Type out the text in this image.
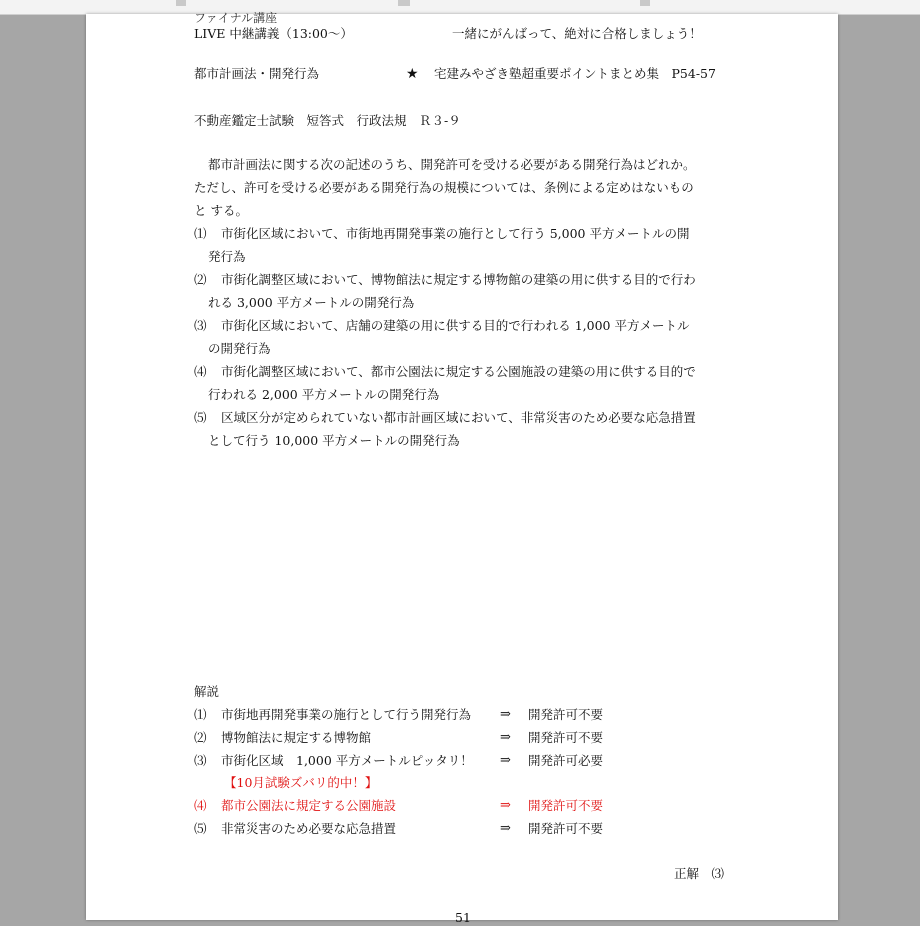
ファイナル講座
LIVE 中継講義（13:00〜）	一緒にがんばって、絶対に合格しましょう！
都市計画法・開発行為	★ 宅建みやざき塾超重要ポイントまとめ集　P54-57
不動産鑑定士試験　短答式　行政法規　Ｒ３-９
都市計画法に関する次の記述のうち、開発許可を受ける必要がある開発行為はどれか。
ただし、許可を受ける必要がある開発行為の規模については、条例による定めはないもの
と する。
⑴ 市街化区域において、市街地再開発事業の施行として行う 5,000 平方メートルの開
発行為
⑵ 市街化調整区域において、博物館法に規定する博物館の建築の用に供する目的で行わ
れる 3,000 平方メートルの開発行為
⑶ 市街化区域において、店舗の建築の用に供する目的で行われる 1,000 平方メートル
の開発行為
⑷ 市街化調整区域において、都市公園法に規定する公園施設の建築の用に供する目的で
行われる 2,000 平方メートルの開発行為
⑸ 区域区分が定められていない都市計画区域において、非常災害のため必要な応急措置
として行う 10,000 平方メートルの開発行為
解説
⑴ 市街地再開発事業の施行として行う開発行為 ⇒ 開発許可不要
⑵ 博物館法に規定する博物館	⇒ 開発許可不要
⑶ 市街化区域　1,000 平方メートルピッタリ！ ⇒ 開発許可必要
【10月試験ズバリ的中！】
⑷ 都市公園法に規定する公園施設	⇒ 開発許可不要
⑸ 非常災害のため必要な応急措置	⇒ 開発許可不要
正解　⑶
51
